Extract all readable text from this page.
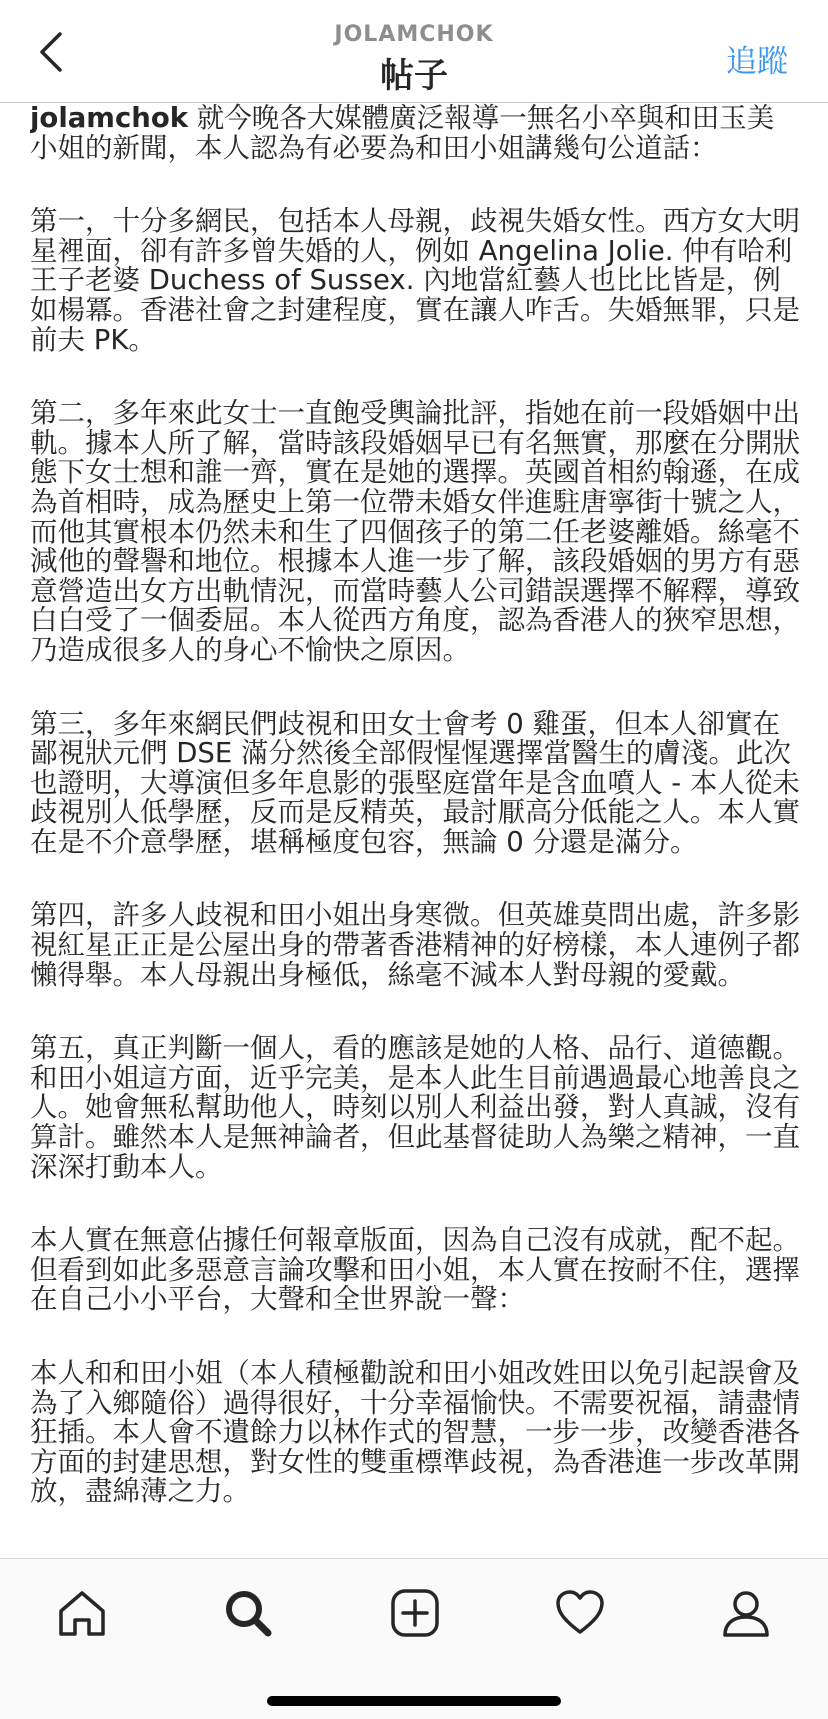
JOLAMCHOK
帖子	追蹤

jolamchok 就今晚各大媒體廣泛報導一無名小卒與和田玉美小姐的新聞，本人認為有必要為和田小姐講幾句公道話：

第一，十分多網民，包括本人母親，歧視失婚女性。西方女大明星裡面，卻有許多曾失婚的人，例如 Angelina Jolie. 仲有哈利王子老婆 Duchess of Sussex. 內地當紅藝人也比比皆是，例如楊冪。香港社會之封建程度，實在讓人咋舌。失婚無罪，只是前夫 PK。

第二，多年來此女士一直飽受輿論批評，指她在前一段婚姻中出軌。據本人所了解，當時該段婚姻早已有名無實，那麼在分開狀態下女士想和誰一齊，實在是她的選擇。英國首相約翰遜，在成為首相時，成為歷史上第一位帶未婚女伴進駐唐寧街十號之人，而他其實根本仍然未和生了四個孩子的第二任老婆離婚。絲毫不減他的聲譽和地位。根據本人進一步了解，該段婚姻的男方有惡意營造出女方出軌情況，而當時藝人公司錯誤選擇不解釋，導致白白受了一個委屈。本人從西方角度，認為香港人的狹窄思想，乃造成很多人的身心不愉快之原因。

第三，多年來網民們歧視和田女士會考 0 雞蛋，但本人卻實在鄙視狀元們 DSE 滿分然後全部假惺惺選擇當醫生的膚淺。此次也證明，大導演但多年息影的張堅庭當年是含血噴人 - 本人從未歧視別人低學歷，反而是反精英，最討厭高分低能之人。本人實在是不介意學歷，堪稱極度包容，無論 0 分還是滿分。

第四，許多人歧視和田小姐出身寒微。但英雄莫問出處，許多影視紅星正正是公屋出身的帶著香港精神的好榜樣，本人連例子都懶得舉。本人母親出身極低，絲毫不減本人對母親的愛戴。

第五，真正判斷一個人，看的應該是她的人格、品行、道德觀。和田小姐這方面，近乎完美，是本人此生目前遇過最心地善良之人。她會無私幫助他人，時刻以別人利益出發，對人真誠，沒有算計。雖然本人是無神論者，但此基督徒助人為樂之精神，一直深深打動本人。

本人實在無意佔據任何報章版面，因為自己沒有成就，配不起。但看到如此多惡意言論攻擊和田小姐，本人實在按耐不住，選擇在自己小小平台，大聲和全世界說一聲：

本人和和田小姐（本人積極勸說和田小姐改姓田以免引起誤會及為了入鄉隨俗）過得很好，十分幸福愉快。不需要祝福，請盡情狂插。本人會不遺餘力以林作式的智慧，一步一步，改變香港各方面的封建思想，對女性的雙重標準歧視，為香港進一步改革開放，盡綿薄之力。
